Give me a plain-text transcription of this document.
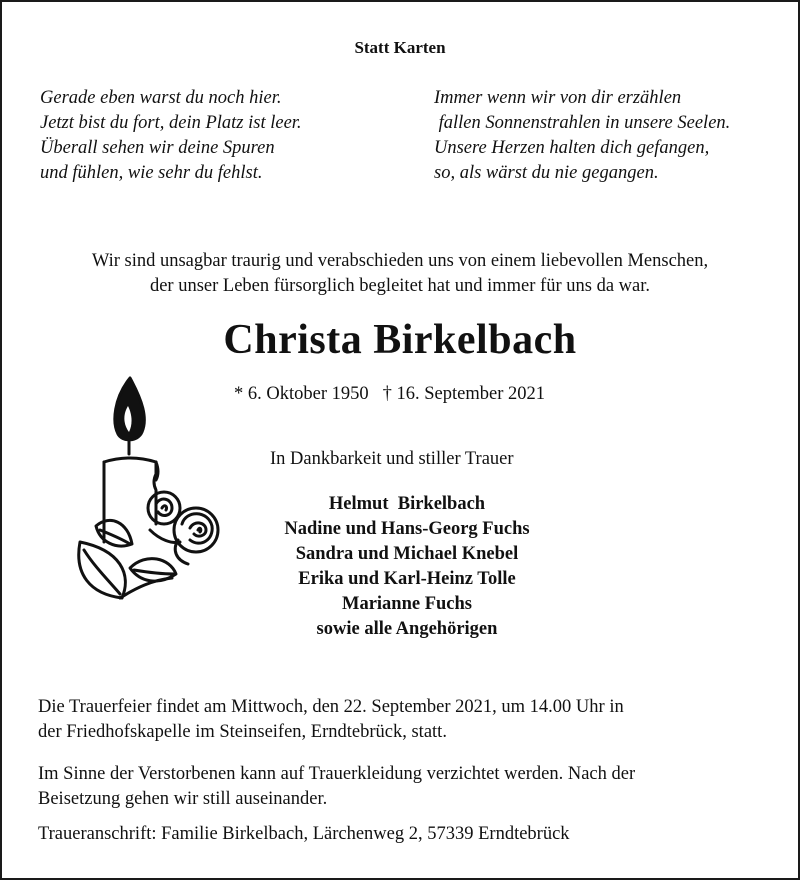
Statt Karten
Gerade eben warst du noch hier.
Jetzt bist du fort, dein Platz ist leer.
Überall sehen wir deine Spuren
und fühlen, wie sehr du fehlst.
Immer wenn wir von dir erzählen
fallen Sonnenstrahlen in unsere Seelen.
Unsere Herzen halten dich gefangen,
so, als wärst du nie gegangen.
Wir sind unsagbar traurig und verabschieden uns von einem liebevollen Menschen,
der unser Leben fürsorglich begleitet hat und immer für uns da war.
Christa Birkelbach
* 6. Oktober 1950 † 16. September 2021
In Dankbarkeit und stiller Trauer
Helmut  Birkelbach
Nadine und Hans-Georg Fuchs
Sandra und Michael Knebel
Erika und Karl-Heinz Tolle
Marianne Fuchs
sowie alle Angehörigen
Die Trauerfeier findet am Mittwoch, den 22. September 2021, um 14.00 Uhr in
der Friedhofskapelle im Steinseifen, Erndtebrück, statt.
Im Sinne der Verstorbenen kann auf Trauerkleidung verzichtet werden. Nach der
Beisetzung gehen wir still auseinander.
Traueranschrift: Familie Birkelbach, Lärchenweg 2, 57339 Erndtebrück
